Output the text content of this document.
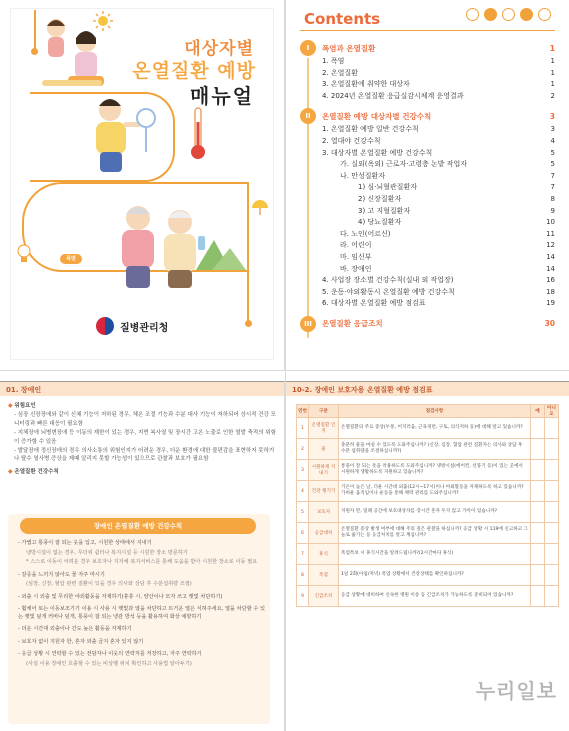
대상자별
온열질환 예방
매뉴얼
폭염
질병관리청
Contents
I	폭염과 온열질환	1
1. 폭염	1
2. 온열질환	1
3. 온열질환에 취약한 대상자	1
4. 2024년 온열질환 응급실감시체계 운영결과	2
II	온열질환 예방 대상자별 건강수칙	3
1. 온열질환 예방 일반 건강수칙	3
2. 열대야 건강수칙	4
3. 대상자별 온열질환 예방 건강수칙	5
가. 실외(옥외) 근로자·고령층 논밭 작업자	5
나. 만성질환자	7
1) 심·뇌혈관질환자	7
2) 신장질환자	8
3) 고 지혈질환자	9
4) 당뇨질환자	10
다. 노인(어르신)	11
라. 어린이	12
마. 임신부	14
바. 장애인	14
4. 사업장 장소별 건강수칙(실내 외 작업장)	16
5. 운동·야외활동시 온열질환 예방 건강수칙	18
6. 대상자별 온열질환 예방 점검표	19
III	온열질환 응급조치	30
01. 장애인

◆ 위험요인

- 심장 신장장애와 같이 신체 기능이 저하된 경우, 체온 조절 기능과 수분 대사 기능이 저하되어 상시적 건강 모니터링과 빠른 대응이 필요함

- 지체장애 뇌병변장애 등 이동의 제한이 있는 경우, 지면 복사열 및 장시간 고온 노출로 인한 열발 축적의 위험이 증가할 수 있음

- 발달장애 정신장애의 경우 의사소통의 위험인지가 어려운 경우, 더운 환경에 대한 불편감을 표현하지 못하거나 탈수 열사병 증상을 제때 알리지 못할 가능성이 있으므로 관찰과 보호가 필요함

◆ 온열질환 건강수칙

장애인 온열질환 예방 건강수칙
- 가볍고 통풍이 잘 되는 옷을 입고, 시원한 상태에서 지내기
냉방시설이 없는 경우, 무더위 쉼터나 복지시설 등 시원한 장소 방문하기
* 스스로 이동이 어려운 경우 보호자나 지자체 복지서비스를 통해 도움을 받아 시원한 장소로 이동 필요
- 갈증을 느끼지 않아도 물 자주 마시기
(심장, 신장, 혈압 관련 질환이 있을 경우 의사와 상담 후 수분섭취량 조절)
- 외출 시 외출 및 무리한 야외활동을 자제하기(휴휴 시, 양산이나 모자 쓰고 햇빛 차단하기)
- 휠체어 또는 이동보조기기 이용 시 사용 시 햇빛과 열을 차단하고 뜨거운 열은 식혀주세요, 열을 차단할 수 있는 햇빛 덮개 커버나 덮개, 통풍이 잘 되는 냉감 방석 등을 활용하여 화상 예방하기
- 더운 시간대 외출이나 간도 높은 활동을 자제하기
- 보호자 없이 지원자 한, 혼자 외출 금지 혼자 있지 않기
- 응급 상황 시 연락할 수 있는 전담자나 이웃의 연락처를 저장하고, 자주 연락하기
(사설 이용 장애인 호출할 수 있는 비상벨 위치 확인하고 사용법 알아두기)
10-2. 장애인 보호자용 온열질환 예방 점검표
연번	구분	점검사항	예	아니오
1	온열질환 인지	온열질환의 주요 증상(두통, 어지러움, 근육경련, 구토, 의식저하 등)에 대해 알고 있습니까?		
2	물	충분히 물을 마실 수 있도록 도와주십니까? (신장, 심장, 혈압 관련 질환자는 의사와 상담 후 수분 섭취량을 조절하십니까?)		
3	시원하게 지내기	통풍이 잘 되는 옷을 착용하도록 도와주십니까? 냉방시설(에어컨, 선풍기 등)이 있는 곳에서 시원하게 생활하도록 지원하고 있습니까?		
4	건강 챙기기	기온이 높은 날, 더운 시간대 외출(12시~17시)이나 야외활동을 자제하도록 하고 있습니까? 가벼운 움직임이나 운동을 통해 체력 관리를 도와주십니까?		
5	보호자	지원자 만, 밀폐 공간에 보호대상자를 장시간 혼자 두지 않고 가까이 있습니까?		
6	응급대처	온열질환 증상 발생 여부에 대해 주의 깊은 관찰을 하십니까? 응급 상황 시 119에 신고하고 그늘로 옮기는 등 응급처치를 알고 계십니까?		
7	휴식	폭염특보 시 휴식시간을 알려드립니까?(2시간마다 휴식)		
8	폭염	1일 2회(아침/저녁) 폭염 상황에서 건강상태를 확인하십니까?		
9	긴급조치	응급 상황에 대비하여 신속한 병원 이송 등 긴급조치가 가능하도록 준비되어 있습니까?		
누리일보
